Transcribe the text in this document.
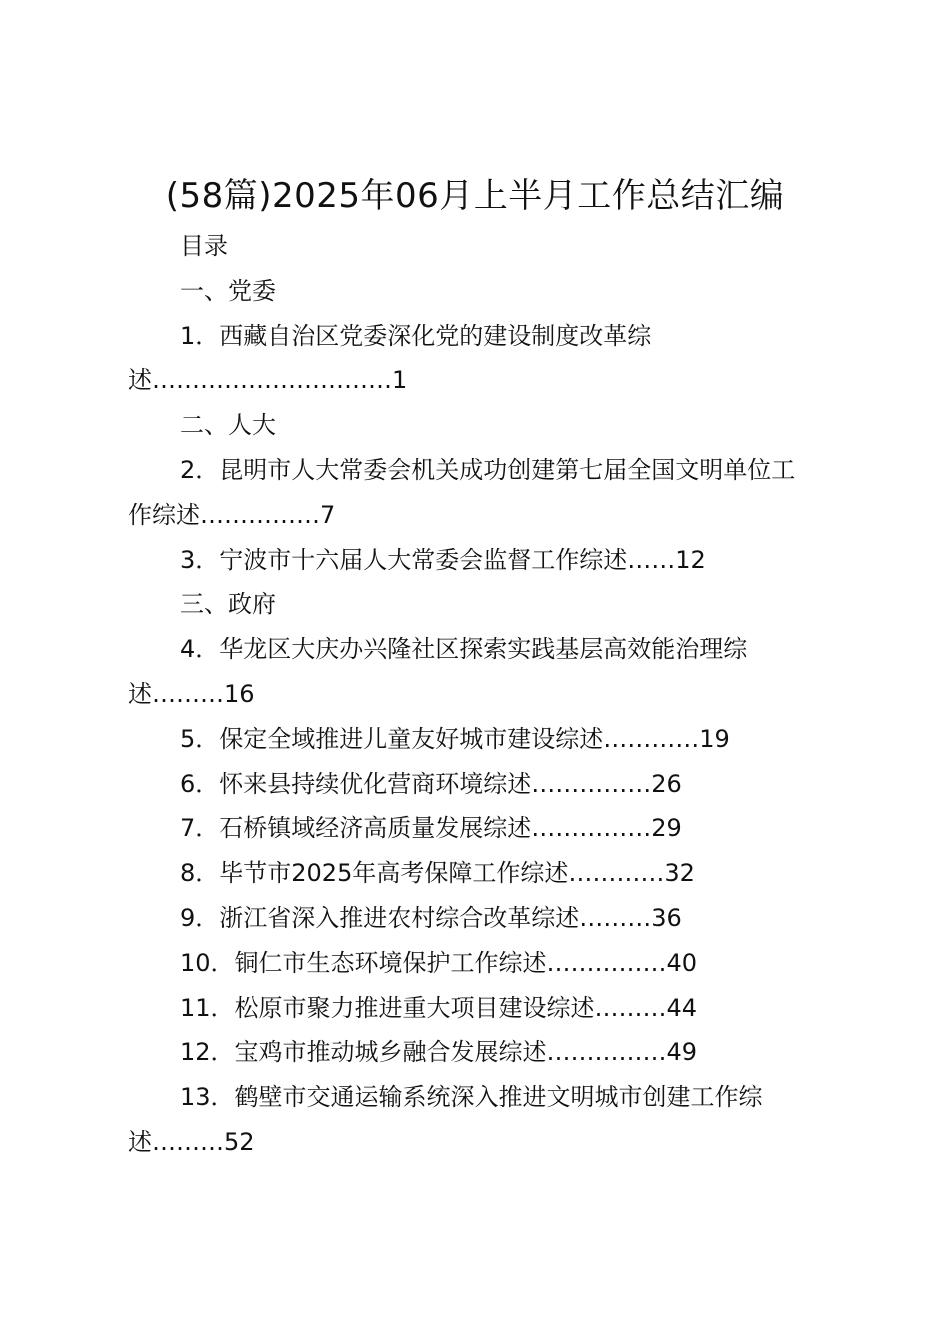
(58篇)2025年06月上半月工作总结汇编
目录
一、党委
1．西藏自治区党委深化党的建设制度改革综
述…………………………1
二、人大
2．昆明市人大常委会机关成功创建第七届全国文明单位工
作综述……………7
3．宁波市十六届人大常委会监督工作综述……12
三、政府
4．华龙区大庆办兴隆社区探索实践基层高效能治理综
述………16
5．保定全域推进儿童友好城市建设综述…………19
6．怀来县持续优化营商环境综述……………26
7．石桥镇域经济高质量发展综述……………29
8．毕节市2025年高考保障工作综述…………32
9．浙江省深入推进农村综合改革综述………36
10．铜仁市生态环境保护工作综述……………40
11．松原市聚力推进重大项目建设综述………44
12．宝鸡市推动城乡融合发展综述……………49
13．鹤壁市交通运输系统深入推进文明城市创建工作综
述………52
